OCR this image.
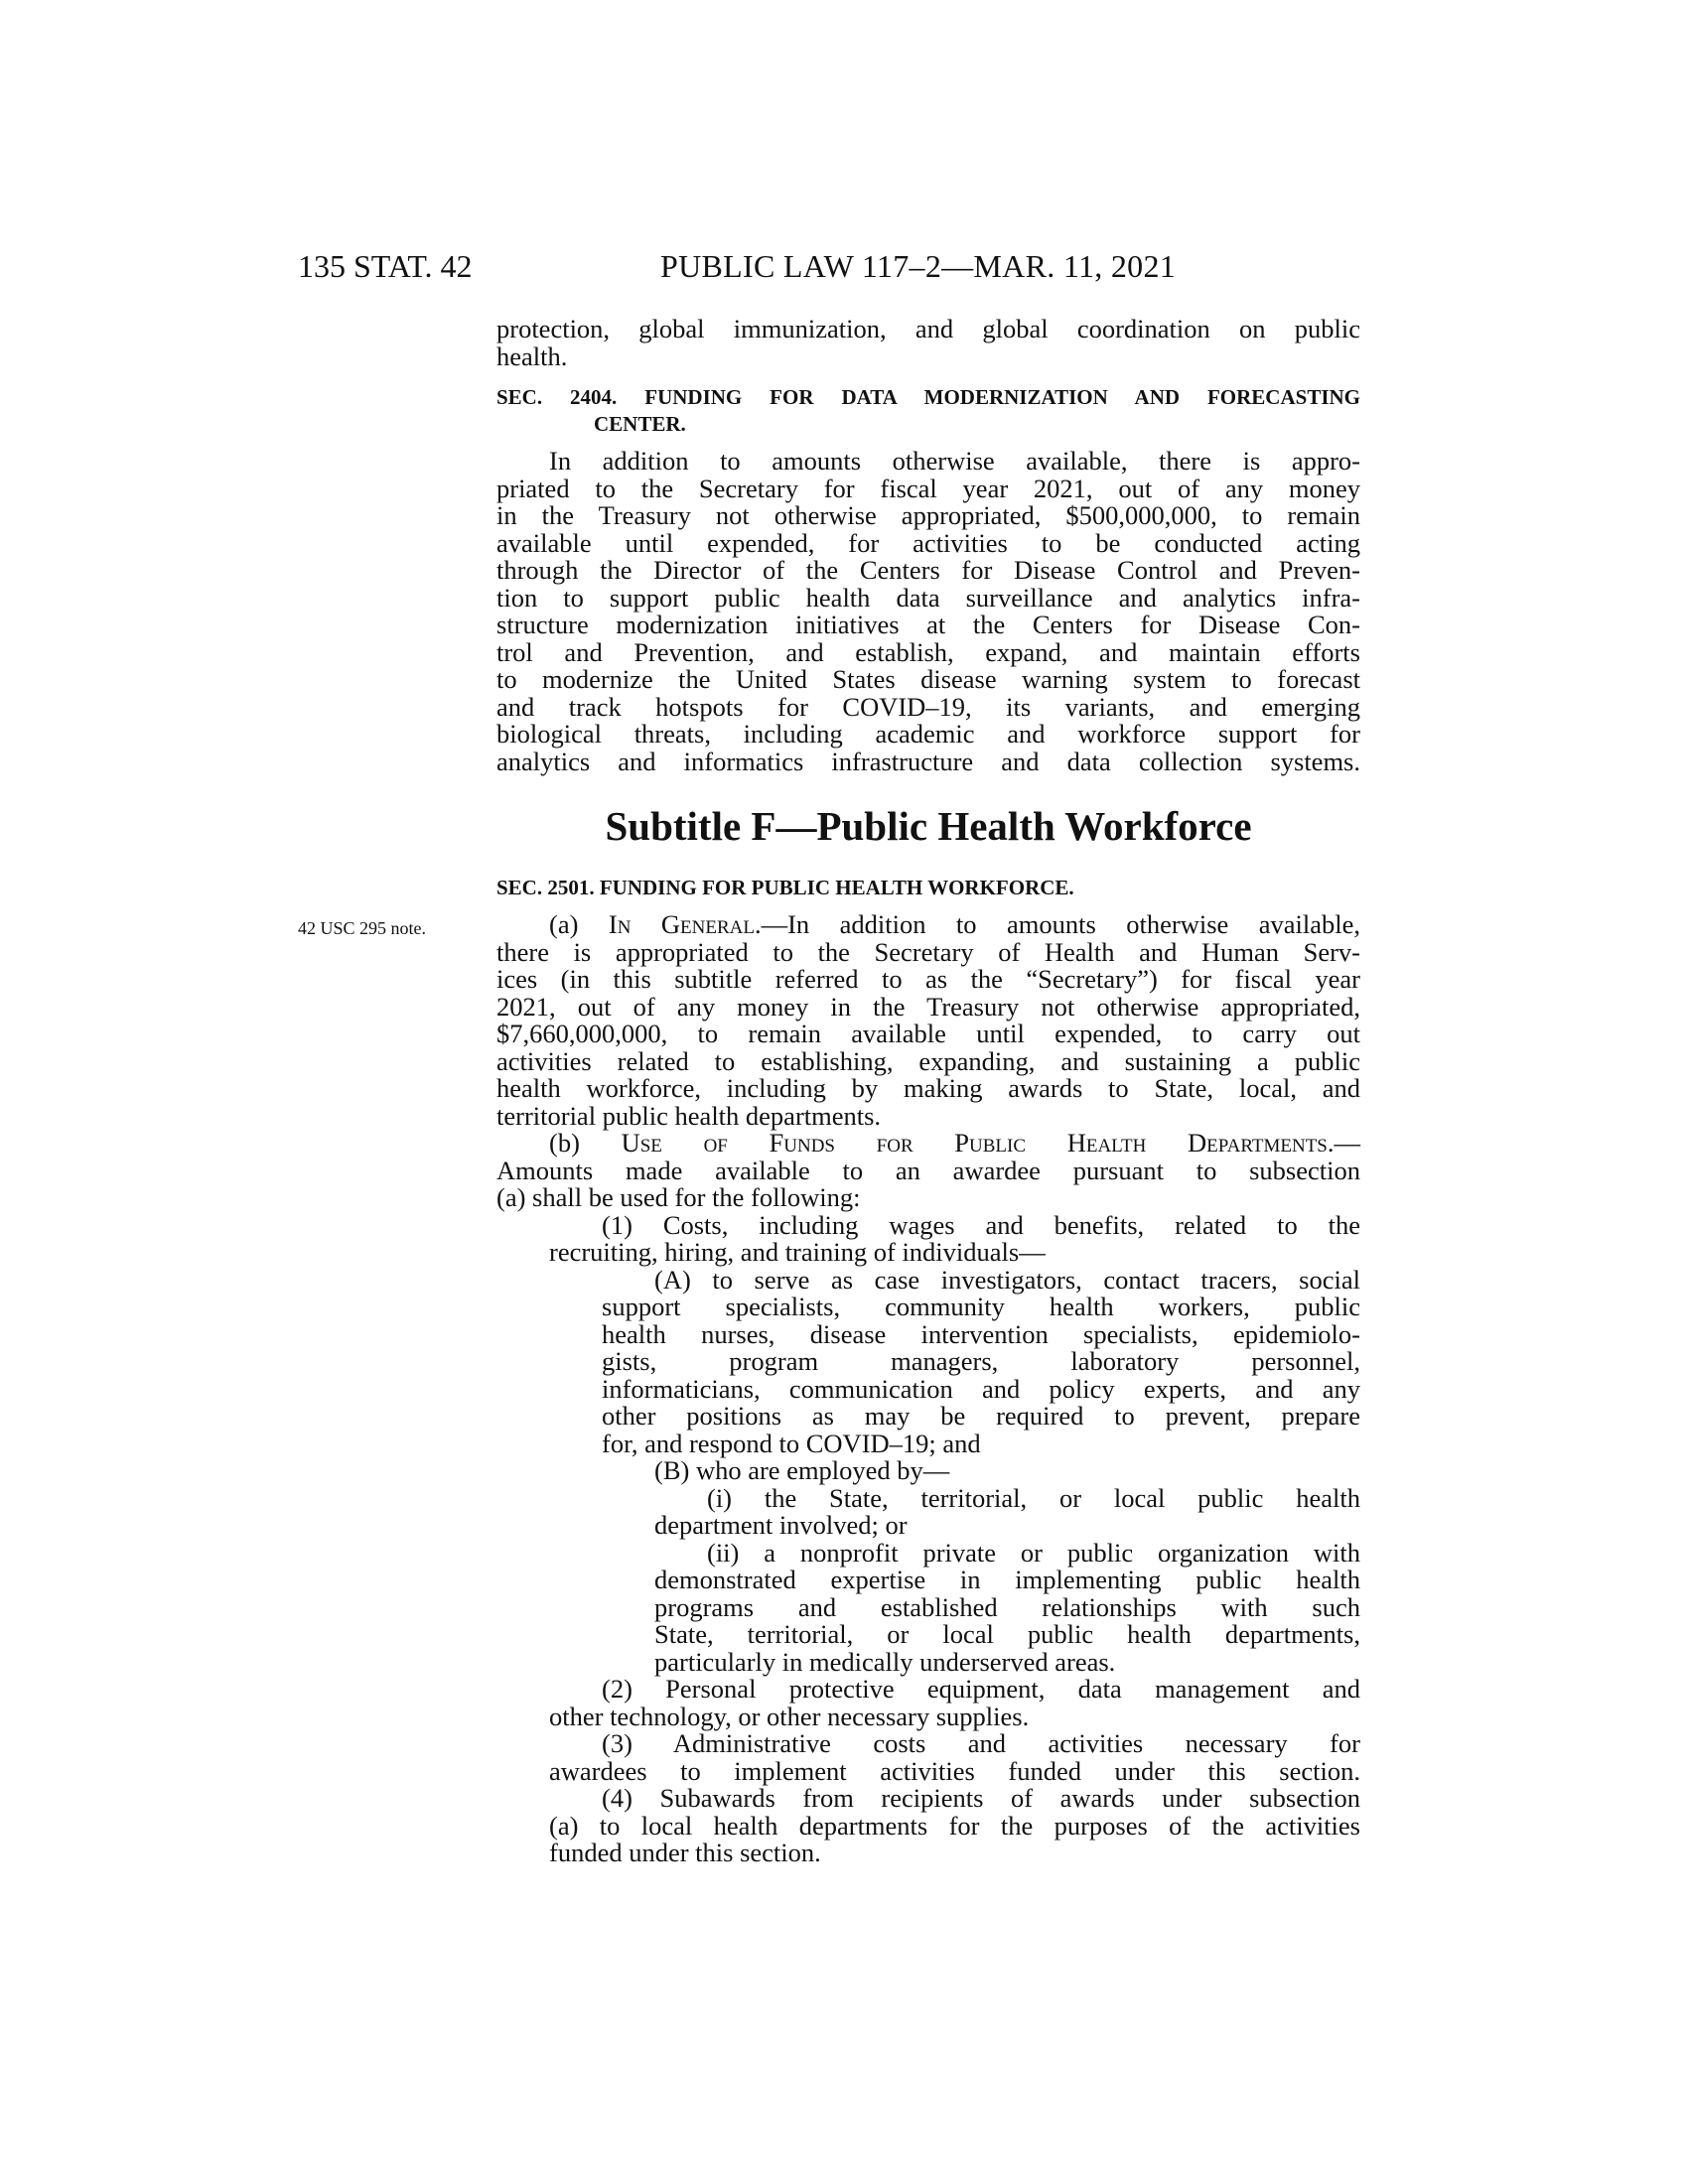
135 STAT. 42	PUBLIC LAW 117–2—MAR. 11, 2021
42 USC 295 note.
protection, global immunization, and global coordination on public
health.
SEC. 2404. FUNDING FOR DATA MODERNIZATION AND FORECASTING
CENTER.
In addition to amounts otherwise available, there is appro-
priated to the Secretary for fiscal year 2021, out of any money
in the Treasury not otherwise appropriated, $500,000,000, to remain
available until expended, for activities to be conducted acting
through the Director of the Centers for Disease Control and Preven-
tion to support public health data surveillance and analytics infra-
structure modernization initiatives at the Centers for Disease Con-
trol and Prevention, and establish, expand, and maintain efforts
to modernize the United States disease warning system to forecast
and track hotspots for COVID–19, its variants, and emerging
biological threats, including academic and workforce support for
analytics and informatics infrastructure and data collection systems.
Subtitle F—Public Health Workforce
SEC. 2501. FUNDING FOR PUBLIC HEALTH WORKFORCE.
(a) In General.—In addition to amounts otherwise available,
there is appropriated to the Secretary of Health and Human Serv-
ices (in this subtitle referred to as the “Secretary”) for fiscal year
2021, out of any money in the Treasury not otherwise appropriated,
$7,660,000,000, to remain available until expended, to carry out
activities related to establishing, expanding, and sustaining a public
health workforce, including by making awards to State, local, and
territorial public health departments.
(b) Use of Funds for Public Health Departments.—
Amounts made available to an awardee pursuant to subsection
(a) shall be used for the following:
(1) Costs, including wages and benefits, related to the
recruiting, hiring, and training of individuals—
(A) to serve as case investigators, contact tracers, social
support specialists, community health workers, public
health nurses, disease intervention specialists, epidemiolo-
gists, program managers, laboratory personnel,
informaticians, communication and policy experts, and any
other positions as may be required to prevent, prepare
for, and respond to COVID–19; and
(B) who are employed by—
(i) the State, territorial, or local public health
department involved; or
(ii) a nonprofit private or public organization with
demonstrated expertise in implementing public health
programs and established relationships with such
State, territorial, or local public health departments,
particularly in medically underserved areas.
(2) Personal protective equipment, data management and
other technology, or other necessary supplies.
(3) Administrative costs and activities necessary for
awardees to implement activities funded under this section.
(4) Subawards from recipients of awards under subsection
(a) to local health departments for the purposes of the activities
funded under this section.
